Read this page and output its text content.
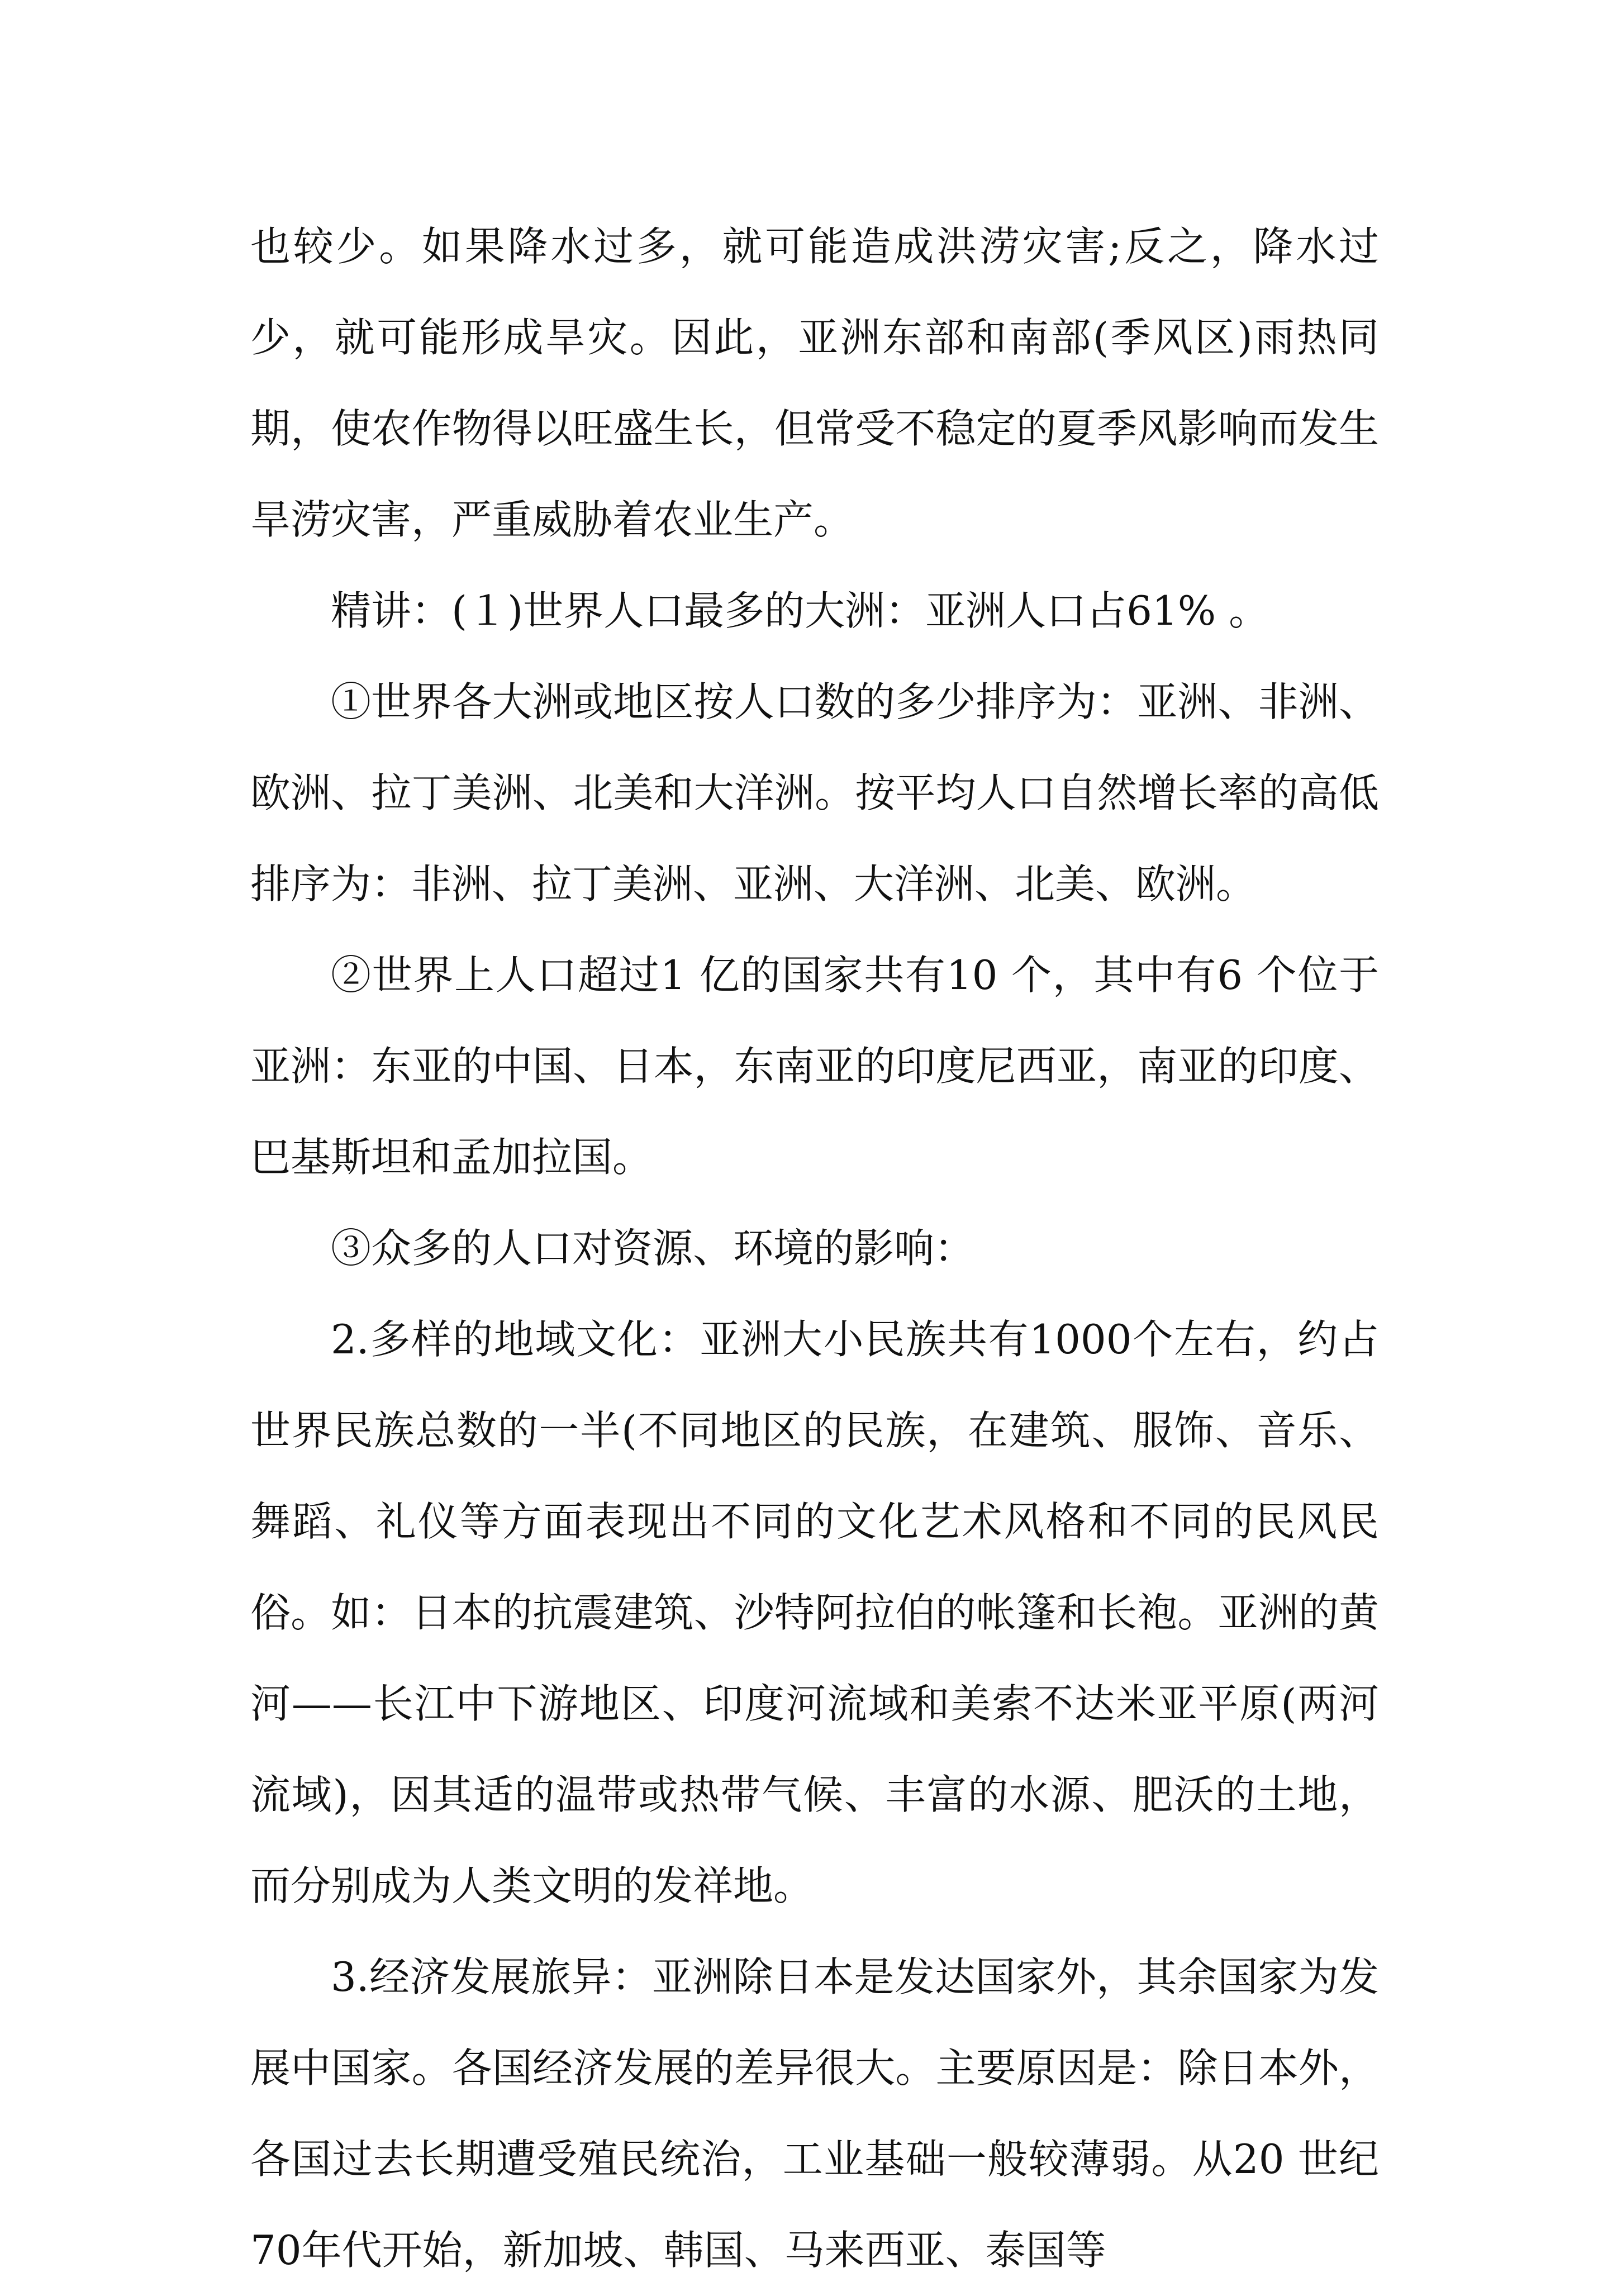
也较少。如果降水过多，就可能造成洪涝灾害;反之，降水过少，就可能形成旱灾。因此，亚洲东部和南部(季风区)雨热同期，使农作物得以旺盛生长，但常受不稳定的夏季风影响而发生旱涝灾害，严重威胁着农业生产。

精讲：(１)世界人口最多的大洲：亚洲人口占61% 。

①世界各大洲或地区按人口数的多少排序为：亚洲、非洲、欧洲、拉丁美洲、北美和大洋洲。按平均人口自然增长率的高低排序为：非洲、拉丁美洲、亚洲、大洋洲、北美、欧洲。

②世界上人口超过1 亿的国家共有10 个，其中有6 个位于亚洲：东亚的中国、日本，东南亚的印度尼西亚，南亚的印度、巴基斯坦和孟加拉国。

③众多的人口对资源、环境的影响：

2.多样的地域文化：亚洲大小民族共有1000个左右，约占世界民族总数的一半(不同地区的民族，在建筑、服饰、音乐、舞蹈、礼仪等方面表现出不同的文化艺术风格和不同的民风民俗。如：日本的抗震建筑、沙特阿拉伯的帐篷和长袍。亚洲的黄河——长江中下游地区、印度河流域和美索不达米亚平原(两河流域)，因其适的温带或热带气候、丰富的水源、肥沃的土地，而分别成为人类文明的发祥地。

3.经济发展旅异：亚洲除日本是发达国家外，其余国家为发展中国家。各国经济发展的差异很大。主要原因是：除日本外，各国过去长期遭受殖民统治，工业基础一般较薄弱。从20 世纪70年代开始，新加坡、韩国、马来西亚、泰国等
